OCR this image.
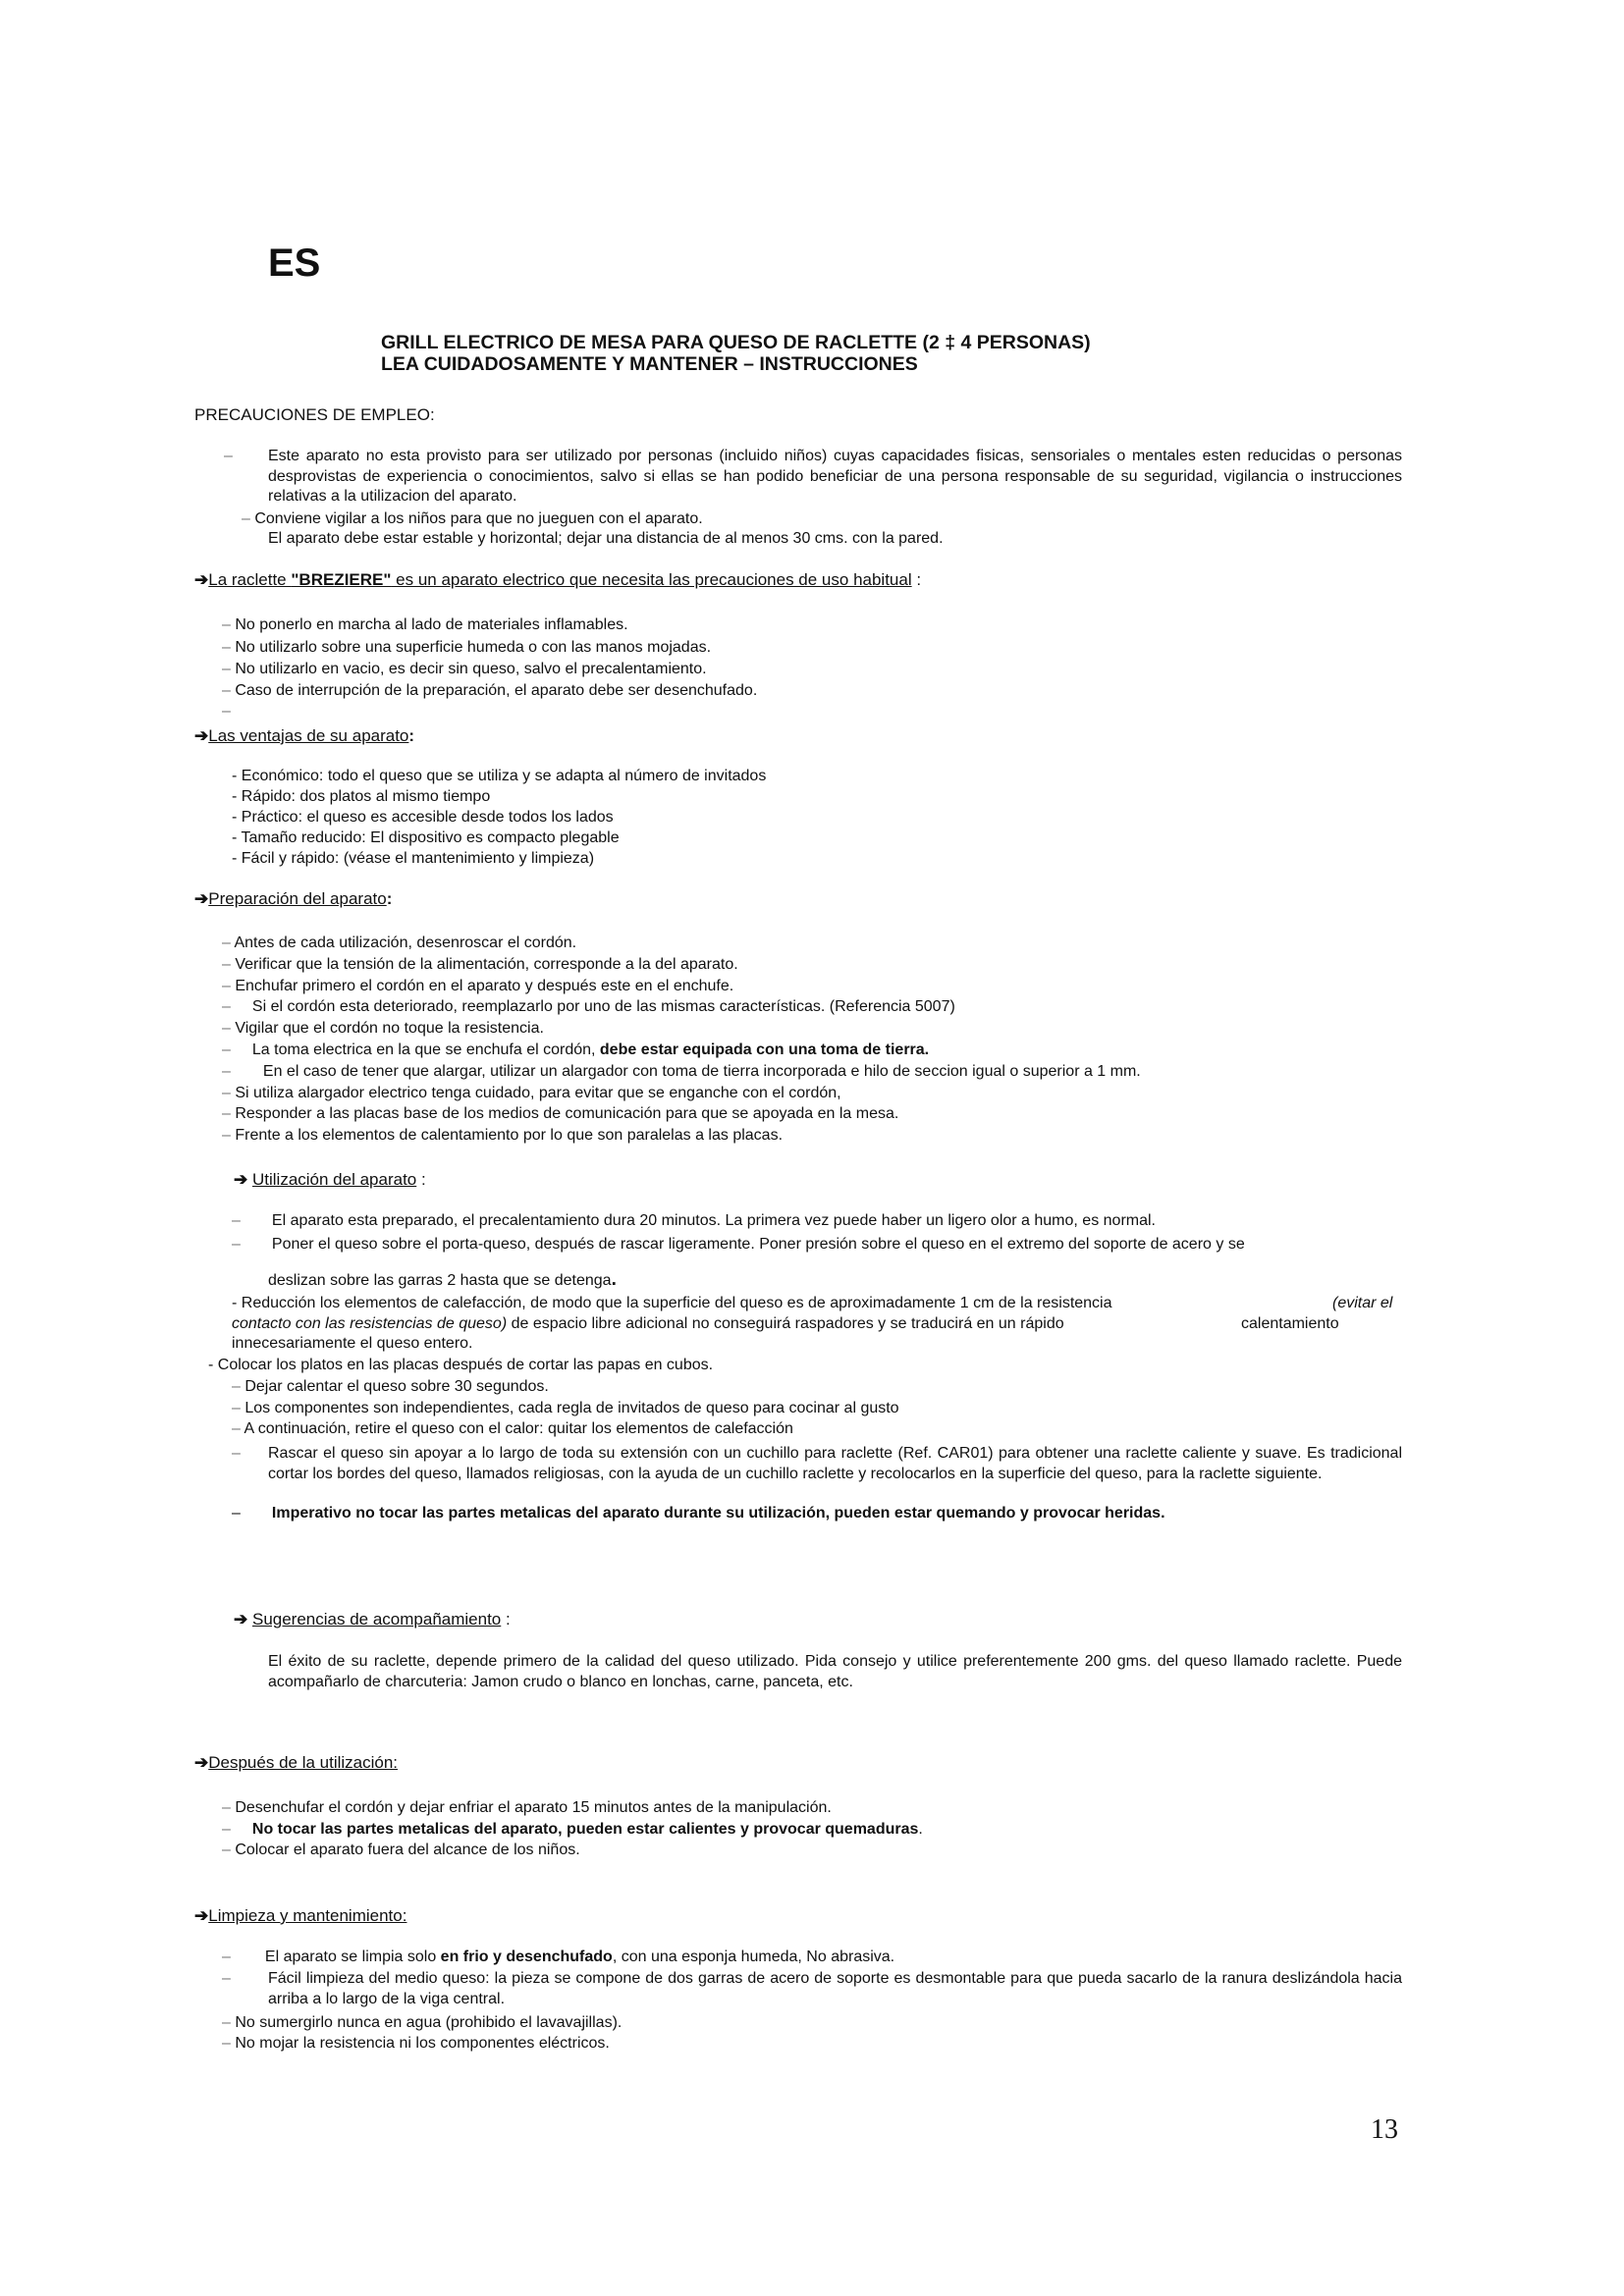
ES
GRILL ELECTRICO DE MESA PARA QUESO DE RACLETTE (2 ‡ 4 PERSONAS)
LEA CUIDADOSAMENTE Y MANTENER – INSTRUCCIONES
PRECAUCIONES DE EMPLEO:
Este aparato no esta provisto para ser utilizado por personas (incluido niños) cuyas capacidades fisicas, sensoriales o mentales esten reducidas o personas desprovistas de experiencia o conocimientos, salvo si ellas se han podido beneficiar de una persona responsable de su seguridad, vigilancia o instrucciones relativas a la utilizacion del aparato.
–
– Conviene vigilar a los niños para que no jueguen con el aparato.
El aparato debe estar estable y horizontal; dejar una distancia de al menos 30 cms. con la pared.
➔La raclette "BREZIERE" es un aparato electrico que necesita las precauciones de uso habitual :
– No ponerlo en marcha al lado de materiales inflamables.
– No utilizarlo sobre una superficie humeda o con las manos mojadas.
– No utilizarlo en vacio, es decir sin queso, salvo el precalentamiento.
– Caso de interrupción de la preparación, el aparato debe ser desenchufado.
–
➔Las ventajas de su aparato:
- Económico: todo el queso que se utiliza y se adapta al número de invitados
- Rápido: dos platos al mismo tiempo
- Práctico: el queso es accesible desde todos los lados
- Tamaño reducido: El dispositivo es compacto plegable
- Fácil y rápido: (véase el mantenimiento y limpieza)
➔Preparación del aparato:
– Antes de cada utilización, desenroscar el cordón.
– Verificar que la tensión de la alimentación, corresponde a la del aparato.
– Enchufar primero el cordón en el aparato y después este en el enchufe.
– Si el cordón esta deteriorado, reemplazarlo por uno de las mismas características. (Referencia 5007)
– Vigilar que el cordón no toque la resistencia.
– La toma electrica en la que se enchufa el cordón, debe estar equipada con una toma de tierra.
– En el caso de tener que alargar, utilizar un alargador con toma de tierra incorporada e hilo de seccion igual o superior a 1 mm.
– Si utiliza alargador electrico tenga cuidado, para evitar que se enganche con el cordón,
– Responder a las placas base de los medios de comunicación para que se apoyada en la mesa.
– Frente a los elementos de calentamiento por lo que son paralelas a las placas.
➔ Utilización del aparato :
– El aparato esta preparado, el precalentamiento dura 20 minutos. La primera vez puede haber un ligero olor a humo, es normal.
– Poner el queso sobre el porta-queso, después de rascar ligeramente. Poner presión sobre el queso en el extremo del soporte de acero y se
deslizan sobre las garras 2 hasta que se detenga.
- Reducción los elementos de calefacción, de modo que la superficie del queso es de aproximadamente 1 cm de la resistencia	(evitar el
contacto con las resistencias de queso) de espacio libre adicional no conseguirá raspadores y se traducirá en un rápido	calentamiento
innecesariamente el queso entero.
- Colocar los platos en las placas después de cortar las papas en cubos.
– Dejar calentar el queso sobre 30 segundos.
– Los componentes son independientes, cada regla de invitados de queso para cocinar al gusto
– A continuación, retire el queso con el calor: quitar los elementos de calefacción
– Rascar el queso sin apoyar a lo largo de toda su extensión con un cuchillo para raclette (Ref. CAR01) para obtener una raclette caliente y suave. Es tradicional cortar los bordes del queso, llamados religiosas, con la ayuda de un cuchillo raclette y recolocarlos en la superficie del queso, para la raclette siguiente.
– Imperativo no tocar las partes metalicas del aparato durante su utilización, pueden estar quemando y provocar heridas.
➔ Sugerencias de acompañamiento :
El éxito de su raclette, depende primero de la calidad del queso utilizado. Pida consejo y utilice preferentemente 200 gms. del queso llamado raclette. Puede acompañarlo de charcuteria: Jamon crudo o blanco en lonchas, carne, panceta, etc.
➔Después de la utilización:
– Desenchufar el cordón y dejar enfriar el aparato 15 minutos antes de la manipulación.
– No tocar las partes metalicas del aparato, pueden estar calientes y provocar quemaduras.
– Colocar el aparato fuera del alcance de los niños.
➔Limpieza y mantenimiento:
– El aparato se limpia solo en frio y desenchufado, con una esponja humeda, No abrasiva.
– Fácil limpieza del medio queso: la pieza se compone de dos garras de acero de soporte es desmontable para que pueda sacarlo de la ranura deslizándola hacia arriba a lo largo de la viga central.
– No sumergirlo nunca en agua (prohibido el lavavajillas).
– No mojar la resistencia ni los componentes eléctricos.
13
